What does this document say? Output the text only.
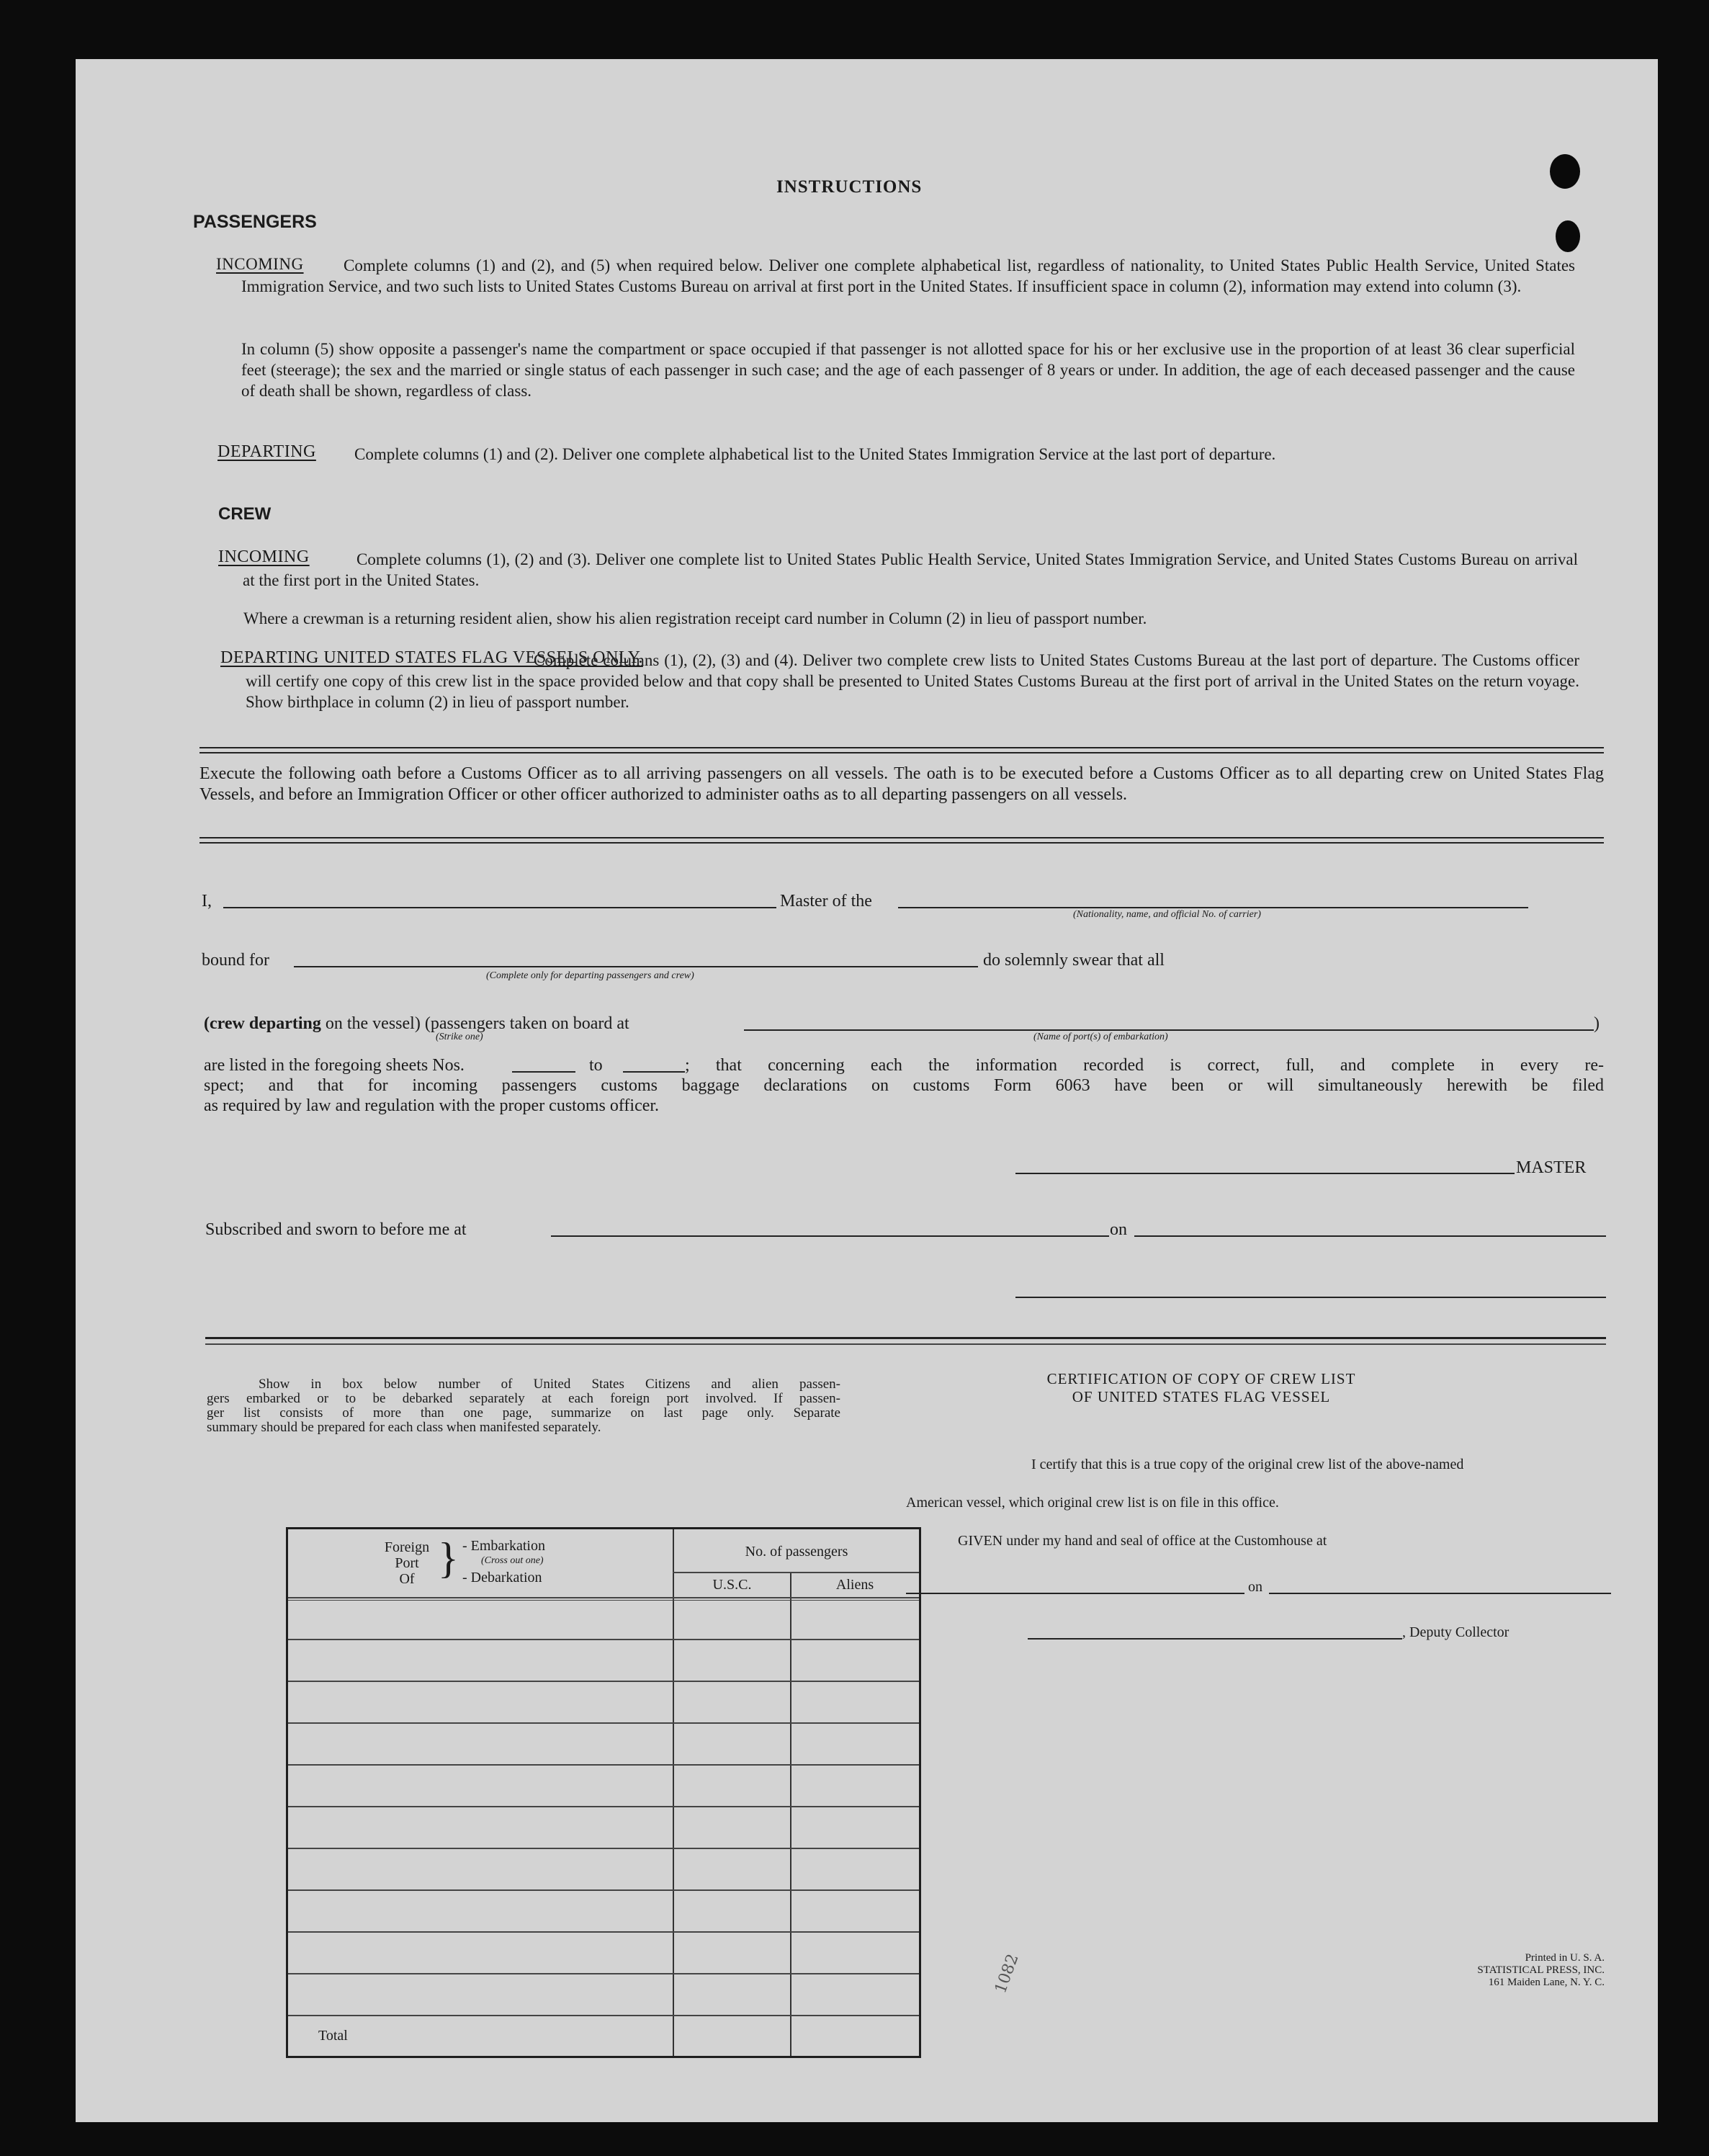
INSTRUCTIONS
PASSENGERS
INCOMING	Complete columns (1) and (2), and (5) when required below. Deliver one complete alphabetical list, regardless of nationality, to United States Public Health Service, United States Immigration Service, and two such lists to United States Customs Bureau on arrival at first port in the United States. If insufficient space in column (2), information may extend into column (3).
In column (5) show opposite a passenger's name the compartment or space occupied if that passenger is not allotted space for his or her exclusive use in the proportion of at least 36 clear superficial feet (steerage); the sex and the married or single status of each passenger in such case; and the age of each passenger of 8 years or under. In addition, the age of each deceased passenger and the cause of death shall be shown, regardless of class.
DEPARTING	Complete columns (1) and (2). Deliver one complete alphabetical list to the United States Immigration Service at the last port of departure.
CREW
INCOMING	Complete columns (1), (2) and (3). Deliver one complete list to United States Public Health Service, United States Immigration Service, and United States Customs Bureau on arrival at the first port in the United States.
Where a crewman is a returning resident alien, show his alien registration receipt card number in Column (2) in lieu of passport number.
DEPARTING UNITED STATES FLAG VESSELS ONLY.
Complete columns (1), (2), (3) and (4). Deliver two complete crew lists to United States Customs Bureau at the last port of departure. The Customs officer will certify one copy of this crew list in the space provided below and that copy shall be presented to United States Customs Bureau at the first port of arrival in the United States on the return voyage. Show birthplace in column (2) in lieu of passport number.
Execute the following oath before a Customs Officer as to all arriving passengers on all vessels. The oath is to be executed before a Customs Officer as to all departing crew on United States Flag Vessels, and before an Immigration Officer or other officer authorized to administer oaths as to all departing passengers on all vessels.
I,	Master of the
(Nationality, name, and official No. of carrier)
bound for
(Complete only for departing passengers and crew)
do solemnly swear that all
(crew departing on the vessel) (passengers taken on board at	)
(Strike one)	(Name of port(s) of embarkation)
are listed in the foregoing sheets Nos.	to	; that concerning each the information recorded is correct, full, and complete in every re-
spect; and that for incoming passengers customs baggage declarations on customs Form 6063 have been or will simultaneously herewith be filed
as required by law and regulation with the proper customs officer.
MASTER
Subscribed and sworn to before me at	on
Show in box below number of United States Citizens and alien passen-
gers embarked or to be debarked separately at each foreign port involved. If passen-
ger list consists of more than one page, summarize on last page only. Separate
summary should be prepared for each class when manifested separately.
Foreign
Port
Of } - Embarkation
(Cross out one)
- Debarkation
No. of passengers
U.S.C.	Aliens
Total
CERTIFICATION OF COPY OF CREW LIST
OF UNITED STATES FLAG VESSEL
I certify that this is a true copy of the original crew list of the above-named
American vessel, which original crew list is on file in this office.
GIVEN under my hand and seal of office at the Customhouse at
on
, Deputy Collector
Printed in U. S. A.
STATISTICAL PRESS, INC.
161 Maiden Lane, N. Y. C.
1082
